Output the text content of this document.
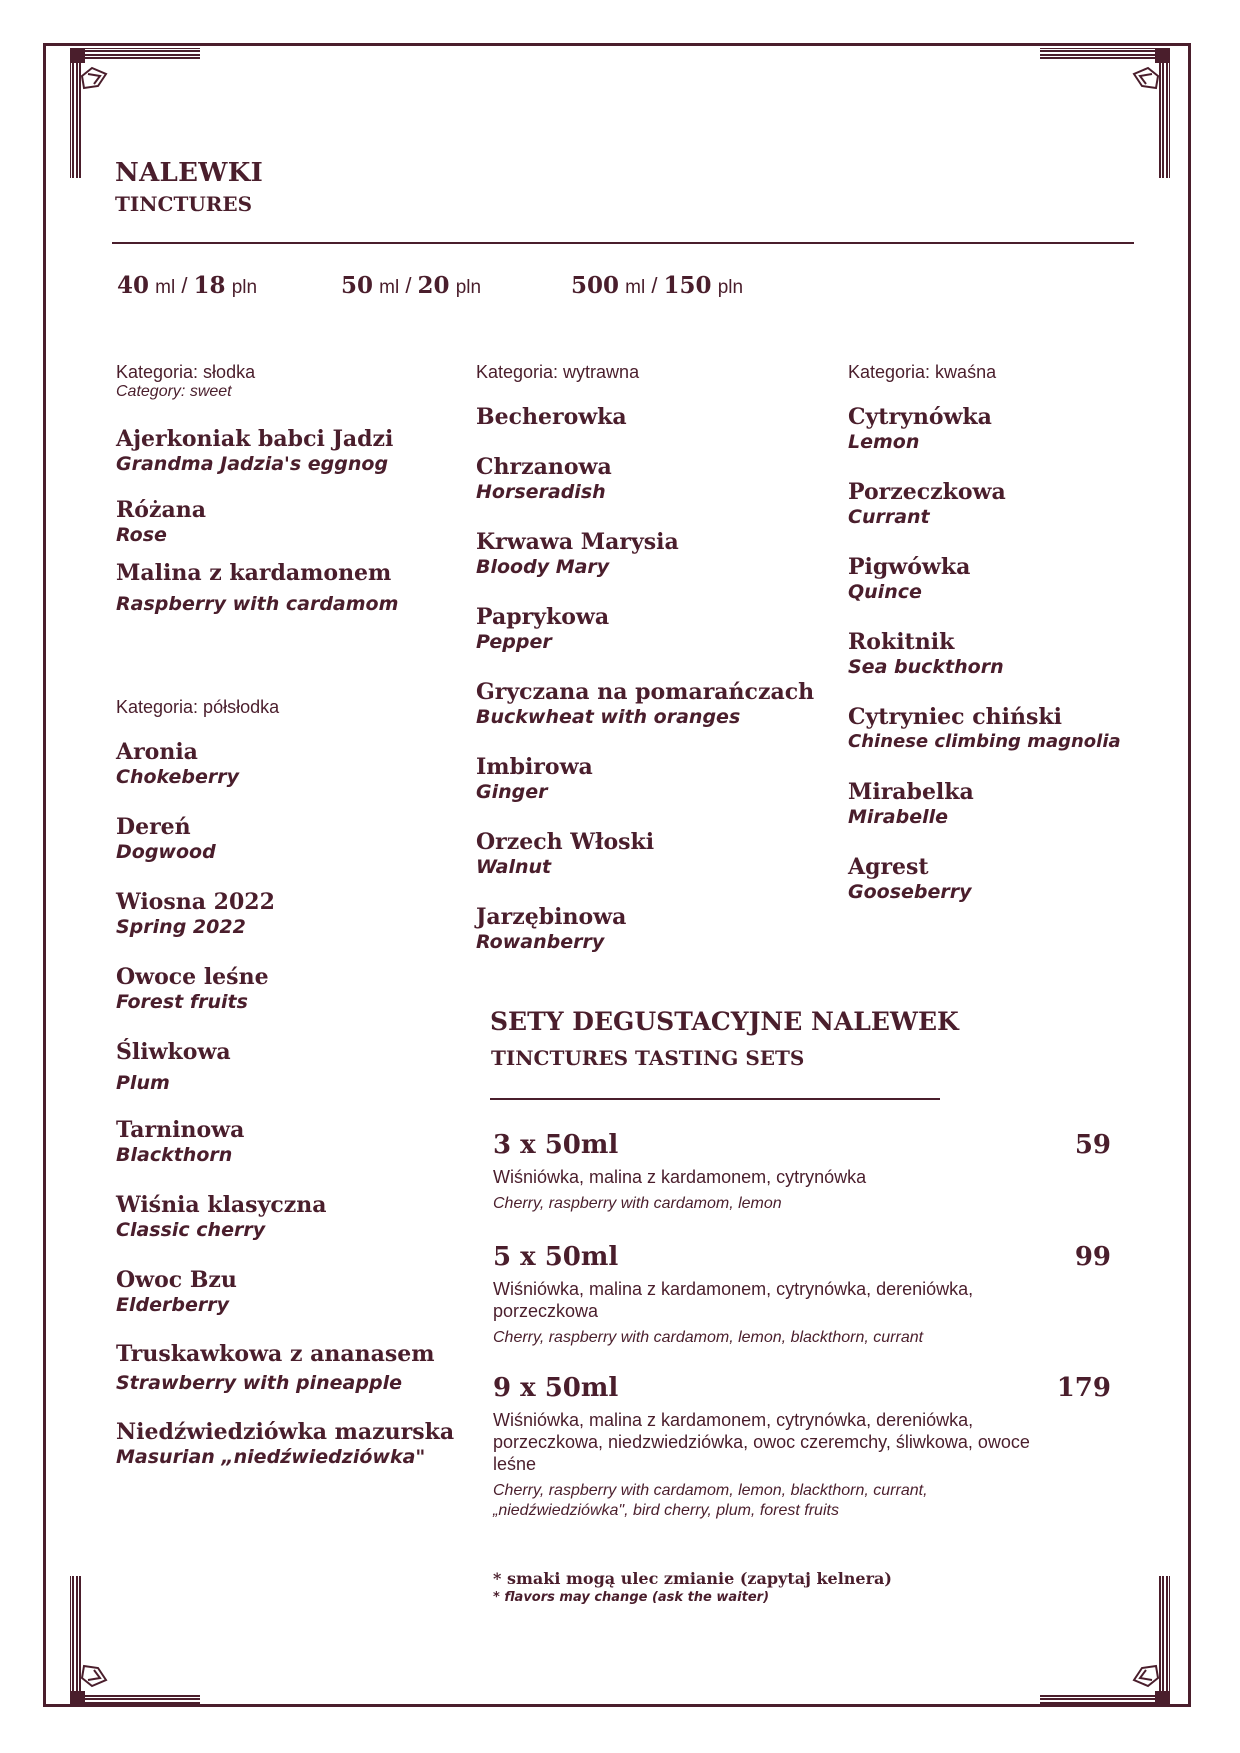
NALEWKI
TINCTURES
40 ml / 18 pln	50 ml / 20 pln	500 ml / 150 pln
Kategoria: słodka
Category: sweet
Ajerkoniak babci Jadzi
Grandma Jadzia's eggnog
Różana
Rose
Malina z kardamonem
Raspberry with cardamom
Kategoria: półsłodka
Aronia
Chokeberry
Dereń
Dogwood
Wiosna 2022
Spring 2022
Owoce leśne
Forest fruits
Śliwkowa
Plum
Tarninowa
Blackthorn
Wiśnia klasyczna
Classic cherry
Owoc Bzu
Elderberry
Truskawkowa z ananasem
Strawberry with pineapple
Niedźwiedziówka mazurska
Masurian „niedźwiedziówka"
Kategoria: wytrawna
Becherowka
Chrzanowa
Horseradish
Krwawa Marysia
Bloody Mary
Paprykowa
Pepper
Gryczana na pomarańczach
Buckwheat with oranges
Imbirowa
Ginger
Orzech Włoski
Walnut
Jarzębinowa
Rowanberry
Kategoria: kwaśna
Cytrynówka
Lemon
Porzeczkowa
Currant
Pigwówka
Quince
Rokitnik
Sea buckthorn
Cytryniec chiński
Chinese climbing magnolia
Mirabelka
Mirabelle
Agrest
Gooseberry
SETY DEGUSTACYJNE NALEWEK
TINCTURES TASTING SETS
3 x 50ml	59
Wiśniówka, malina z kardamonem, cytrynówka
Cherry, raspberry with cardamom, lemon
5 x 50ml	99
Wiśniówka, malina z kardamonem, cytrynówka, dereniówka, porzeczkowa
Cherry, raspberry with cardamom, lemon, blackthorn, currant
9 x 50ml	179
Wiśniówka, malina z kardamonem, cytrynówka, dereniówka, porzeczkowa, niedzwiedziówka, owoc czeremchy, śliwkowa, owoce leśne
Cherry, raspberry with cardamom, lemon, blackthorn, currant, „niedźwiedziówka", bird cherry, plum, forest fruits
* smaki mogą ulec zmianie (zapytaj kelnera)
* flavors may change (ask the waiter)
